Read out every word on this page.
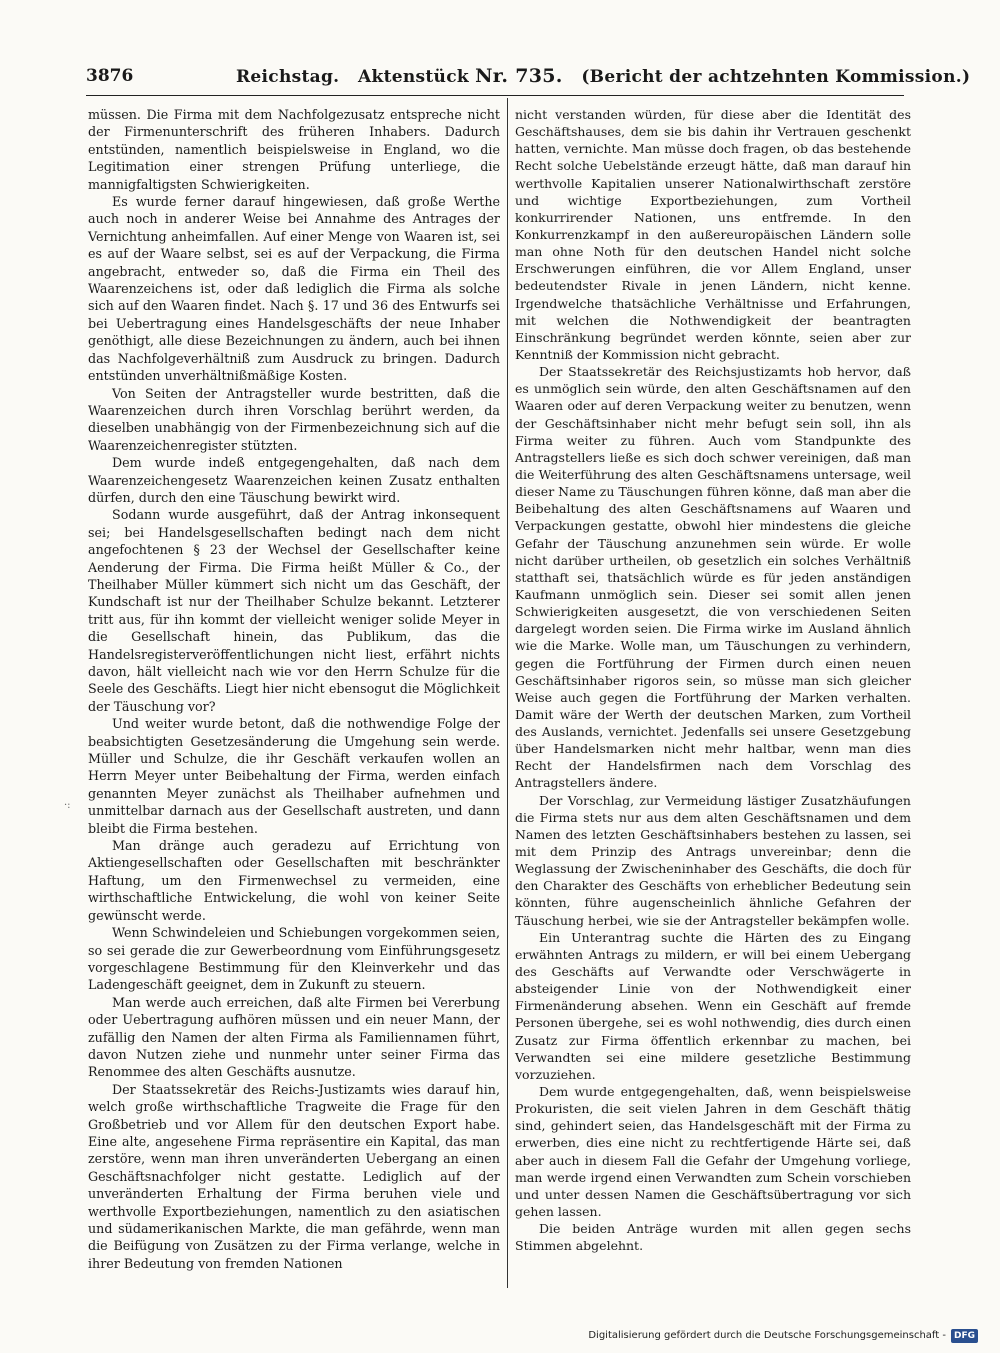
3876	Reichstag.   Aktenstück Nr. 735.   (Bericht der achtzehnten Kommission.)
·:

müssen. Die Firma mit dem Nachfolgezusatz entspreche nicht der Firmenunterschrift des früheren Inhabers. Dadurch entstünden, namentlich beispielsweise in England, wo die Legitimation einer strengen Prüfung unterliege, die mannigfaltigsten Schwierigkeiten.

Es wurde ferner darauf hingewiesen, daß große Werthe auch noch in anderer Weise bei Annahme des Antrages der Vernichtung anheimfallen. Auf einer Menge von Waaren ist, sei es auf der Waare selbst, sei es auf der Verpackung, die Firma angebracht, entweder so, daß die Firma ein Theil des Waarenzeichens ist, oder daß lediglich die Firma als solche sich auf den Waaren findet. Nach §. 17 und 36 des Entwurfs sei bei Uebertragung eines Handelsgeschäfts der neue Inhaber genöthigt, alle diese Bezeichnungen zu ändern, auch bei ihnen das Nachfolgeverhältniß zum Ausdruck zu bringen. Dadurch entstünden unverhältnißmäßige Kosten.

Von Seiten der Antragsteller wurde bestritten, daß die Waarenzeichen durch ihren Vorschlag berührt werden, da dieselben unabhängig von der Firmenbezeichnung sich auf die Waarenzeichenregister stützten.

Dem wurde indeß entgegengehalten, daß nach dem Waarenzeichengesetz Waarenzeichen keinen Zusatz enthalten dürfen, durch den eine Täuschung bewirkt wird.

Sodann wurde ausgeführt, daß der Antrag inkonsequent sei; bei Handelsgesellschaften bedingt nach dem nicht angefochtenen § 23 der Wechsel der Gesellschafter keine Aenderung der Firma. Die Firma heißt Müller & Co., der Theilhaber Müller kümmert sich nicht um das Geschäft, der Kundschaft ist nur der Theilhaber Schulze bekannt. Letzterer tritt aus, für ihn kommt der vielleicht weniger solide Meyer in die Gesellschaft hinein, das Publikum, das die Handelsregisterveröffentlichungen nicht liest, erfährt nichts davon, hält vielleicht nach wie vor den Herrn Schulze für die Seele des Geschäfts. Liegt hier nicht ebensogut die Möglichkeit der Täuschung vor?

Und weiter wurde betont, daß die nothwendige Folge der beabsichtigten Gesetzesänderung die Umgehung sein werde. Müller und Schulze, die ihr Geschäft verkaufen wollen an Herrn Meyer unter Beibehaltung der Firma, werden einfach genannten Meyer zunächst als Theilhaber aufnehmen und unmittelbar darnach aus der Gesellschaft austreten, und dann bleibt die Firma bestehen.

Man dränge auch geradezu auf Errichtung von Aktiengesellschaften oder Gesellschaften mit beschränkter Haftung, um den Firmenwechsel zu vermeiden, eine wirthschaftliche Entwickelung, die wohl von keiner Seite gewünscht werde.

Wenn Schwindeleien und Schiebungen vorgekommen seien, so sei gerade die zur Gewerbeordnung vom Einführungsgesetz vorgeschlagene Bestimmung für den Kleinverkehr und das Ladengeschäft geeignet, dem in Zukunft zu steuern.

Man werde auch erreichen, daß alte Firmen bei Vererbung oder Uebertragung aufhören müssen und ein neuer Mann, der zufällig den Namen der alten Firma als Familiennamen führt, davon Nutzen ziehe und nunmehr unter seiner Firma das Renommee des alten Geschäfts ausnutze.

Der Staatssekretär des Reichs-Justizamts wies darauf hin, welch große wirthschaftliche Tragweite die Frage für den Großbetrieb und vor Allem für den deutschen Export habe. Eine alte, angesehene Firma repräsentire ein Kapital, das man zerstöre, wenn man ihren unveränderten Uebergang an einen Geschäftsnachfolger nicht gestatte. Lediglich auf der unveränderten Erhaltung der Firma beruhen viele und werthvolle Exportbeziehungen, namentlich zu den asiatischen und südamerikanischen Markte, die man gefährde, wenn man die Beifügung von Zusätzen zu der Firma verlange, welche in ihrer Bedeutung von fremden Nationen

nicht verstanden würden, für diese aber die Identität des Geschäftshauses, dem sie bis dahin ihr Vertrauen geschenkt hatten, vernichte. Man müsse doch fragen, ob das bestehende Recht solche Uebelstände erzeugt hätte, daß man darauf hin werthvolle Kapitalien unserer Nationalwirthschaft zerstöre und wichtige Exportbeziehungen, zum Vortheil konkurrirender Nationen, uns entfremde. In den Konkurrenzkampf in den außereuropäischen Ländern solle man ohne Noth für den deutschen Handel nicht solche Erschwerungen einführen, die vor Allem England, unser bedeutendster Rivale in jenen Ländern, nicht kenne. Irgendwelche thatsächliche Verhältnisse und Erfahrungen, mit welchen die Nothwendigkeit der beantragten Einschränkung begründet werden könnte, seien aber zur Kenntniß der Kommission nicht gebracht.

Der Staatssekretär des Reichsjustizamts hob hervor, daß es unmöglich sein würde, den alten Geschäftsnamen auf den Waaren oder auf deren Verpackung weiter zu benutzen, wenn der Geschäftsinhaber nicht mehr befugt sein soll, ihn als Firma weiter zu führen. Auch vom Standpunkte des Antragstellers ließe es sich doch schwer vereinigen, daß man die Weiterführung des alten Geschäftsnamens untersage, weil dieser Name zu Täuschungen führen könne, daß man aber die Beibehaltung des alten Geschäftsnamens auf Waaren und Verpackungen gestatte, obwohl hier mindestens die gleiche Gefahr der Täuschung anzunehmen sein würde. Er wolle nicht darüber urtheilen, ob gesetzlich ein solches Verhältniß statthaft sei, thatsächlich würde es für jeden anständigen Kaufmann unmöglich sein. Dieser sei somit allen jenen Schwierigkeiten ausgesetzt, die von verschiedenen Seiten dargelegt worden seien. Die Firma wirke im Ausland ähnlich wie die Marke. Wolle man, um Täuschungen zu verhindern, gegen die Fortführung der Firmen durch einen neuen Geschäftsinhaber rigoros sein, so müsse man sich gleicher Weise auch gegen die Fortführung der Marken verhalten. Damit wäre der Werth der deutschen Marken, zum Vortheil des Auslands, vernichtet. Jedenfalls sei unsere Gesetzgebung über Handelsmarken nicht mehr haltbar, wenn man dies Recht der Handelsfirmen nach dem Vorschlag des Antragstellers ändere.

Der Vorschlag, zur Vermeidung lästiger Zusatzhäufungen die Firma stets nur aus dem alten Geschäftsnamen und dem Namen des letzten Geschäftsinhabers bestehen zu lassen, sei mit dem Prinzip des Antrags unvereinbar; denn die Weglassung der Zwischeninhaber des Geschäfts, die doch für den Charakter des Geschäfts von erheblicher Bedeutung sein könnten, führe augenscheinlich ähnliche Gefahren der Täuschung herbei, wie sie der Antragsteller bekämpfen wolle.

Ein Unterantrag suchte die Härten des zu Eingang erwähnten Antrags zu mildern, er will bei einem Uebergang des Geschäfts auf Verwandte oder Verschwägerte in absteigender Linie von der Nothwendigkeit einer Firmenänderung absehen. Wenn ein Geschäft auf fremde Personen übergehe, sei es wohl nothwendig, dies durch einen Zusatz zur Firma öffentlich erkennbar zu machen, bei Verwandten sei eine mildere gesetzliche Bestimmung vorzuziehen.

Dem wurde entgegengehalten, daß, wenn beispielsweise Prokuristen, die seit vielen Jahren in dem Geschäft thätig sind, gehindert seien, das Handelsgeschäft mit der Firma zu erwerben, dies eine nicht zu rechtfertigende Härte sei, daß aber auch in diesem Fall die Gefahr der Umgehung vorliege, man werde irgend einen Verwandten zum Schein vorschieben und unter dessen Namen die Geschäftsübertragung vor sich gehen lassen.

Die beiden Anträge wurden mit allen gegen sechs Stimmen abgelehnt.

Digitalisierung gefördert durch die Deutsche Forschungsgemeinschaft - DFG
